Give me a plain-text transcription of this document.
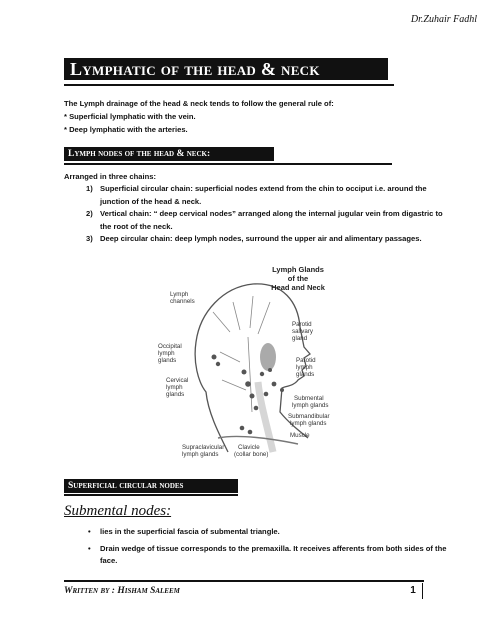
Dr.Zuhair Fadhl
Lymphatic of the head & neck
The Lymph drainage of the head & neck tends to follow the general rule of:
* Superficial lymphatic with the vein.
* Deep lymphatic with the arteries.
Lymph nodes of the head & neck:
Arranged in three chains:
1) Superficial circular chain: superficial nodes extend from the chin to occiput i.e. around the junction of the head & neck.
2) Vertical chain: “ deep cervical nodes” arranged along the internal jugular vein from digastric to the root of the neck.
3) Deep circular chain: deep lymph nodes, surround the upper air and alimentary passages.
Lymph Glands
of the
Head and Neck
Lymph
channels
Occipital
lymph
glands
Cervical
lymph
glands
Supraclavicular
lymph glands
Clavicle
(collar bone)
Parotid
salivary
gland
Parotid
lymph
glands
Submental
lymph glands
Submandibular
lymph glands
Muscle
Superficial circular nodes
Submental nodes:
• lies in the superficial fascia of submental triangle.
• Drain wedge of tissue corresponds to the premaxilla. It receives afferents from both sides of the face.
Written by : Hisham Saleem	1
